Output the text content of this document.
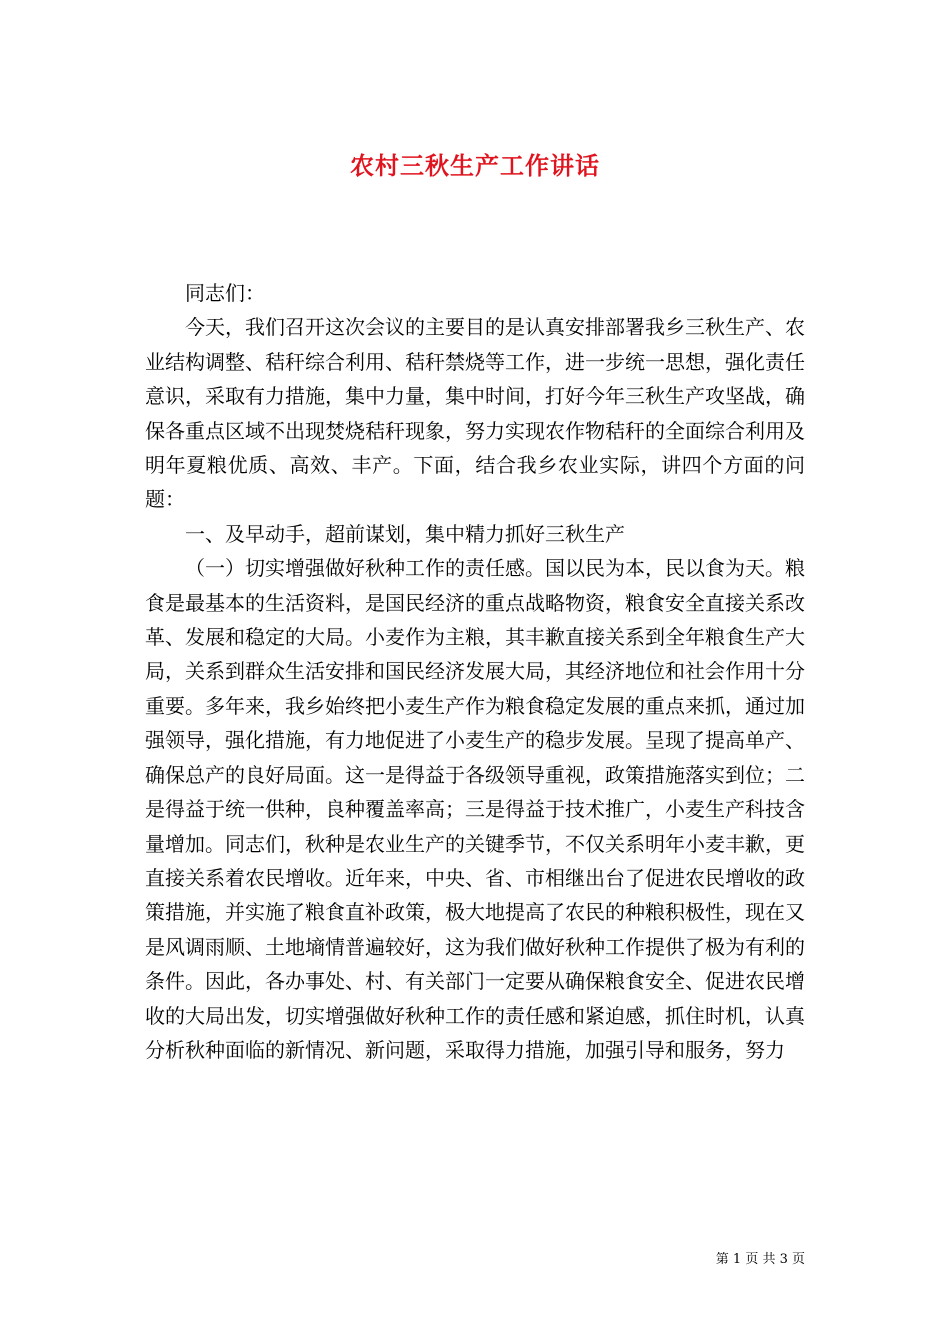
农村三秋生产工作讲话

同志们：

今天，我们召开这次会议的主要目的是认真安排部署我乡三秋生产、农业结构调整、秸秆综合利用、秸秆禁烧等工作，进一步统一思想，强化责任意识，采取有力措施，集中力量，集中时间，打好今年三秋生产攻坚战，确保各重点区域不出现焚烧秸秆现象，努力实现农作物秸秆的全面综合利用及明年夏粮优质、高效、丰产。下面，结合我乡农业实际，讲四个方面的问题：

一、及早动手，超前谋划，集中精力抓好三秋生产

（一）切实增强做好秋种工作的责任感。国以民为本，民以食为天。粮食是最基本的生活资料，是国民经济的重点战略物资，粮食安全直接关系改革、发展和稳定的大局。小麦作为主粮，其丰歉直接关系到全年粮食生产大局，关系到群众生活安排和国民经济发展大局，其经济地位和社会作用十分重要。多年来，我乡始终把小麦生产作为粮食稳定发展的重点来抓，通过加强领导，强化措施，有力地促进了小麦生产的稳步发展。呈现了提高单产、确保总产的良好局面。这一是得益于各级领导重视，政策措施落实到位；二是得益于统一供种，良种覆盖率高；三是得益于技术推广，小麦生产科技含量增加。同志们，秋种是农业生产的关键季节，不仅关系明年小麦丰歉，更直接关系着农民增收。近年来，中央、省、市相继出台了促进农民增收的政策措施，并实施了粮食直补政策，极大地提高了农民的种粮积极性，现在又是风调雨顺、土地墒情普遍较好，这为我们做好秋种工作提供了极为有利的条件。因此，各办事处、村、有关部门一定要从确保粮食安全、促进农民增收的大局出发，切实增强做好秋种工作的责任感和紧迫感，抓住时机，认真分析秋种面临的新情况、新问题，采取得力措施，加强引导和服务，努力

第 1 页 共 3 页
